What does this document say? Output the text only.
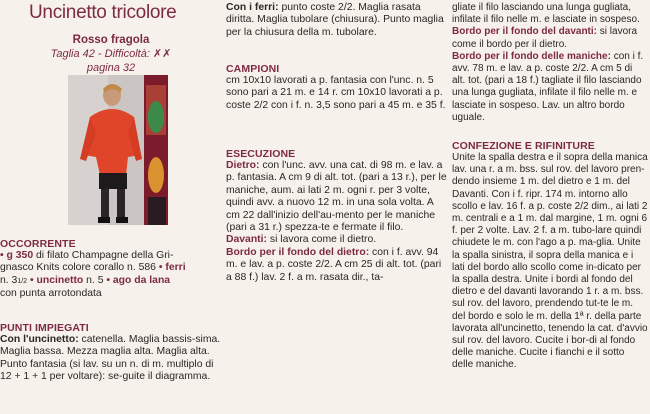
Uncinetto tricolore
Rosso fragola
Taglia 42 - Difficoltà: ✗✗
pagina 32
OCCORRENTE

• g 350 di filato Champagne della Gri-
gnasco Knits colore corallo n. 586 • ferri
n. 31/2 • uncinetto n. 5 • ago da lana
con punta arrotondata

PUNTI IMPIEGATI

Con l'uncinetto: catenella. Maglia bassis-sima. Maglia bassa. Mezza maglia alta. Maglia alta. Punto fantasia (si lav. su un n. di m. multiplo di 12 + 1 + 1 per voltare): se-guite il diagramma.

Con i ferri: punto coste 2/2. Maglia rasata diritta. Maglia tubolare (chiusura). Punto maglia per la chiusura della m. tubolare.

CAMPIONI

cm 10x10 lavorati a p. fantasia con l'unc. n. 5 sono pari a 21 m. e 14 r. cm 10x10 lavorati a p. coste 2/2 con i f. n. 3,5 sono pari a 45 m. e 35 f.

ESECUZIONE

Dietro: con l'unc. avv. una cat. di 98 m. e lav. a p. fantasia. A cm 9 di alt. tot. (pari a 13 r.), per le maniche, aum. ai lati 2 m. ogni r. per 3 volte, quindi avv. a nuovo 12 m. in una sola volta. A cm 22 dall'inizio dell'au-mento per le maniche (pari a 31 r.) spezza-te e fermate il filo.

Davanti: si lavora come il dietro.

Bordo per il fondo del dietro: con i f. avv. 94 m. e lav. a p. coste 2/2. A cm 25 di alt. tot. (pari a 88 f.) lav. 2 f. a m. rasata dir., ta-

gliate il filo lasciando una lunga gugliata, infilate il filo nelle m. e lasciate in sospeso.

Bordo per il fondo del davanti: si lavora come il bordo per il dietro.

Bordo per il fondo delle maniche: con i f. avv. 78 m. e lav. a p. coste 2/2. A cm 5 di alt. tot. (pari a 18 f.) tagliate il filo lasciando una lunga gugliata, infilate il filo nelle m. e lasciate in sospeso. Lav. un altro bordo uguale.

CONFEZIONE E RIFINITURE

Unite la spalla destra e il sopra della manica lav. una r. a m. bss. sul rov. del lavoro pren-dendo insieme 1 m. del dietro e 1 m. del Davanti. Con i f. ripr. 174 m. intorno allo scollo e lav. 16 f. a p. coste 2/2 dim., ai lati 2 m. centrali e a 1 m. dal margine, 1 m. ogni 6 f. per 2 volte. Lav. 2 f. a m. tubo-lare quindi chiudete le m. con l'ago a p. ma-glia. Unite la spalla sinistra, il sopra della manica e i lati del bordo allo scollo come in-dicato per la spalla destra. Unite i bordi al fondo del dietro e del davanti lavorando 1 r. a m. bss. sul rov. del lavoro, prendendo tut-te le m. del bordo e solo le m. della 1ª r. della parte lavorata all'uncinetto, tenendo la cat. d'avvio sul rov. del lavoro. Cucite i bor-di al fondo delle maniche. Cucite i fianchi e il sotto delle maniche.
